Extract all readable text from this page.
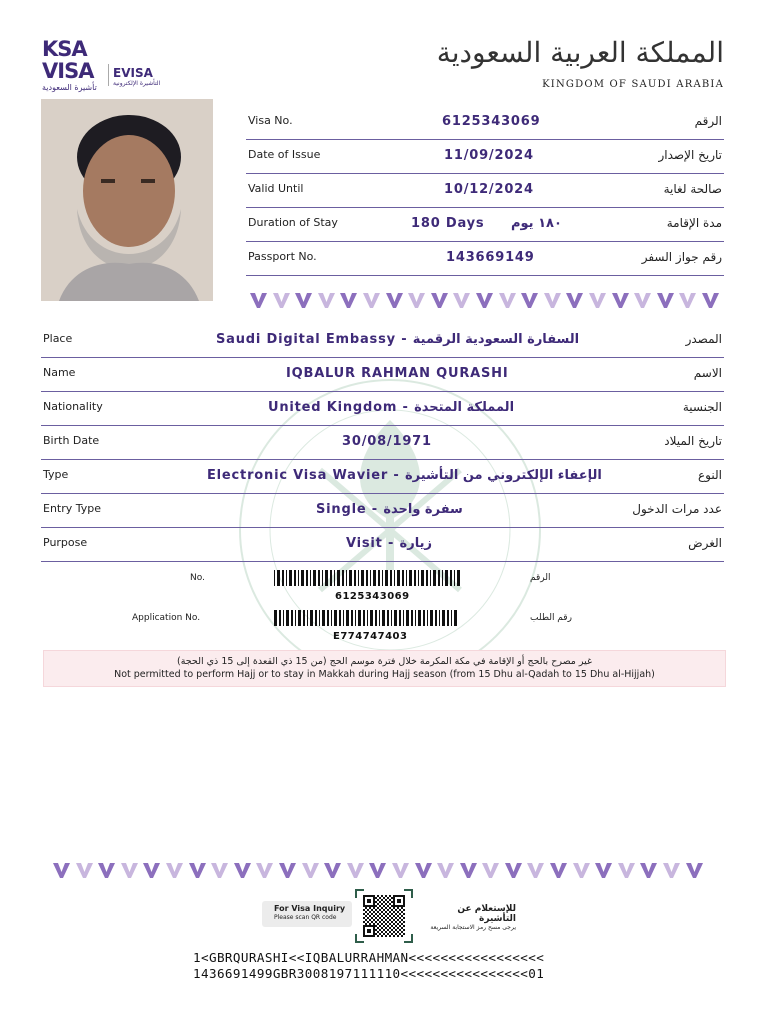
KSA
VISA
تأشيرة السعودية
EVISA
التأشيرة الإلكترونية
المملكة العربية السعودية
KINGDOM OF SAUDI ARABIA
Visa No.	6125343069	الرقم
Date of Issue	11/09/2024	تاريخ الإصدار
Valid Until	10/12/2024	صالحة لغاية
Duration of Stay	180 Days ١٨٠ يوم	مدة الإقامة
Passport No.	143669149	رقم جواز السفر
Place	Saudi Digital Embassy - السفارة السعودية الرقمية	المصدر
Name	IQBALUR RAHMAN QURASHI	الاسم
Nationality	United Kingdom - المملكة المتحدة	الجنسية
Birth Date	30/08/1971	تاريخ الميلاد
Type	Electronic Visa Wavier - الإعفاء الإلكتروني من التأشيرة	النوع
Entry Type	Single - سفرة واحدة	عدد مرات الدخول
Purpose	Visit - زيارة	الغرض
No.	الرقم
6125343069
Application No.	رقم الطلب
E774747403
غير مصرح بالحج أو الإقامة في مكة المكرمة خلال فترة موسم الحج (من 15 ذي القعدة إلى 15 ذي الحجة)
Not permitted to perform Hajj or to stay in Makkah during Hajj season (from 15 Dhu al-Qadah to 15 Dhu al-Hijjah)
For Visa Inquiry
Please scan QR code
للإستعلام عن التأشيرة
يرجى مسح رمز الاستجابة السريعة
1<GBRQURASHI<<IQBALURRAHMAN<<<<<<<<<<<<<<<<<
1436691499GBR3008197111110<<<<<<<<<<<<<<<<01
